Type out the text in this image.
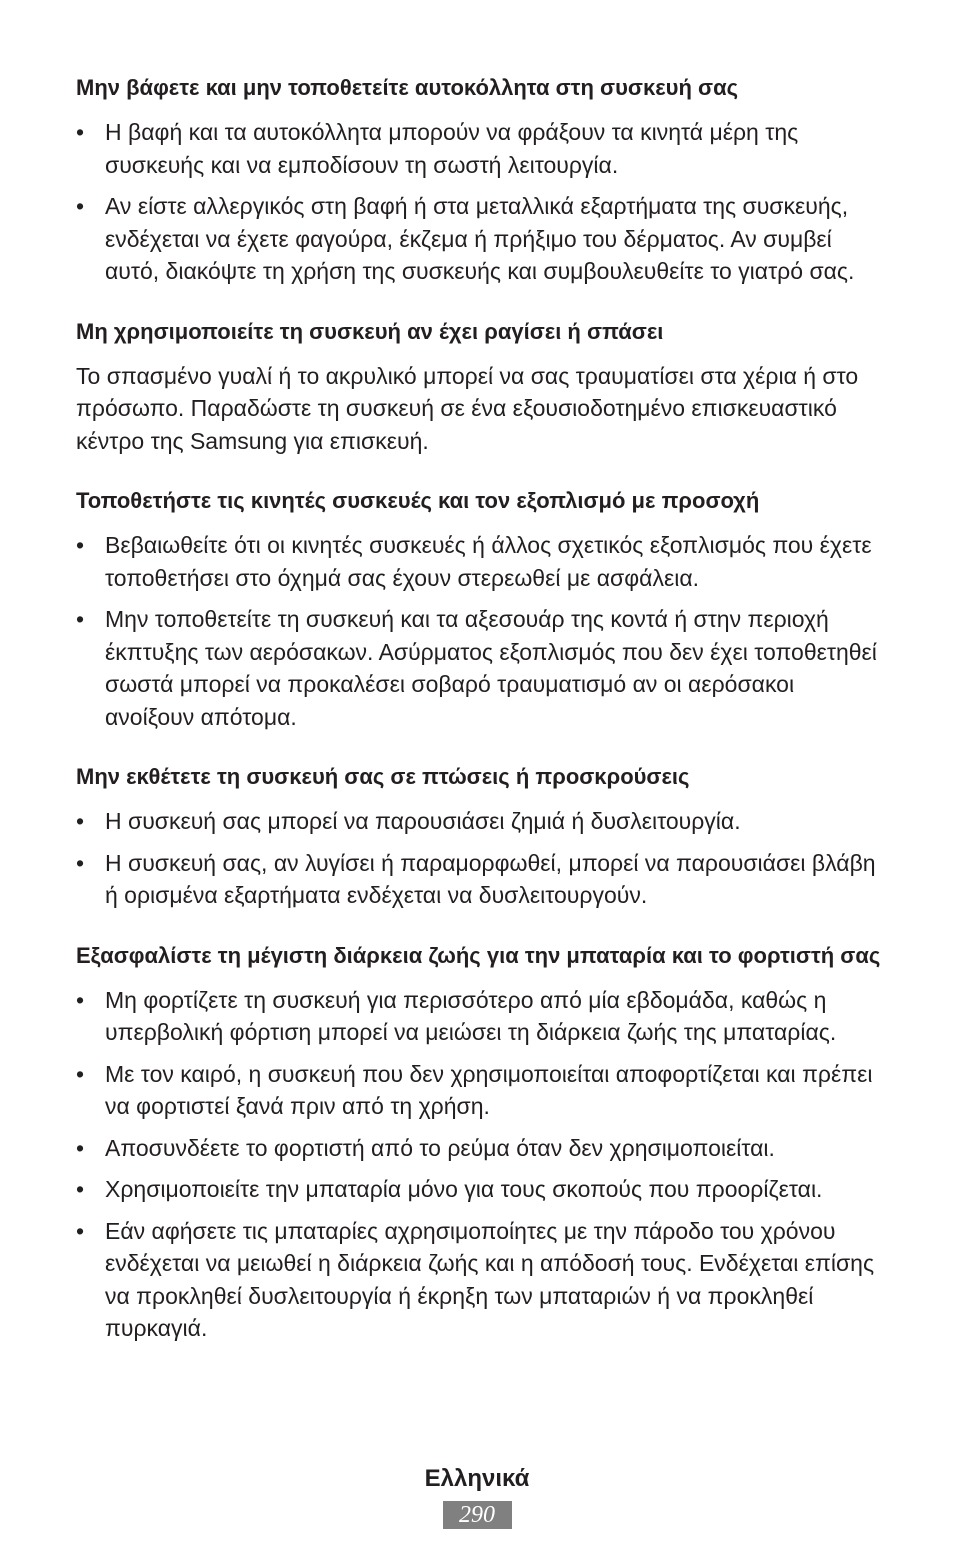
Μην βάφετε και μην τοποθετείτε αυτοκόλλητα στη συσκευή σας
• Η βαφή και τα αυτοκόλλητα μπορούν να φράξουν τα κινητά μέρη της συσκευής και να εμποδίσουν τη σωστή λειτουργία.
• Αν είστε αλλεργικός στη βαφή ή στα μεταλλικά εξαρτήματα της συσκευής, ενδέχεται να έχετε φαγούρα, έκζεμα ή πρήξιμο του δέρματος. Αν συμβεί αυτό, διακόψτε τη χρήση της συσκευής και συμβουλευθείτε το γιατρό σας.
Μη χρησιμοποιείτε τη συσκευή αν έχει ραγίσει ή σπάσει

Το σπασμένο γυαλί ή το ακρυλικό μπορεί να σας τραυματίσει στα χέρια ή στο πρόσωπο. Παραδώστε τη συσκευή σε ένα εξουσιοδοτημένο επισκευαστικό κέντρο της Samsung για επισκευή.

Τοποθετήστε τις κινητές συσκευές και τον εξοπλισμό με προσοχή
• Βεβαιωθείτε ότι οι κινητές συσκευές ή άλλος σχετικός εξοπλισμός που έχετε τοποθετήσει στο όχημά σας έχουν στερεωθεί με ασφάλεια.
• Μην τοποθετείτε τη συσκευή και τα αξεσουάρ της κοντά ή στην περιοχή έκπτυξης των αερόσακων. Ασύρματος εξοπλισμός που δεν έχει τοποθετηθεί σωστά μπορεί να προκαλέσει σοβαρό τραυματισμό αν οι αερόσακοι ανοίξουν απότομα.
Μην εκθέτετε τη συσκευή σας σε πτώσεις ή προσκρούσεις
• Η συσκευή σας μπορεί να παρουσιάσει ζημιά ή δυσλειτουργία.
• Η συσκευή σας, αν λυγίσει ή παραμορφωθεί, μπορεί να παρουσιάσει βλάβη ή ορισμένα εξαρτήματα ενδέχεται να δυσλειτουργούν.
Εξασφαλίστε τη μέγιστη διάρκεια ζωής για την μπαταρία και το φορτιστή σας
• Μη φορτίζετε τη συσκευή για περισσότερο από μία εβδομάδα, καθώς η υπερβολική φόρτιση μπορεί να μειώσει τη διάρκεια ζωής της μπαταρίας.
• Με τον καιρό, η συσκευή που δεν χρησιμοποιείται αποφορτίζεται και πρέπει να φορτιστεί ξανά πριν από τη χρήση.
• Αποσυνδέετε το φορτιστή από το ρεύμα όταν δεν χρησιμοποιείται.
• Χρησιμοποιείτε την μπαταρία μόνο για τους σκοπούς που προορίζεται.
• Εάν αφήσετε τις μπαταρίες αχρησιμοποίητες με την πάροδο του χρόνου ενδέχεται να μειωθεί η διάρκεια ζωής και η απόδοσή τους. Ενδέχεται επίσης να προκληθεί δυσλειτουργία ή έκρηξη των μπαταριών ή να προκληθεί πυρκαγιά.
Ελληνικά
290
